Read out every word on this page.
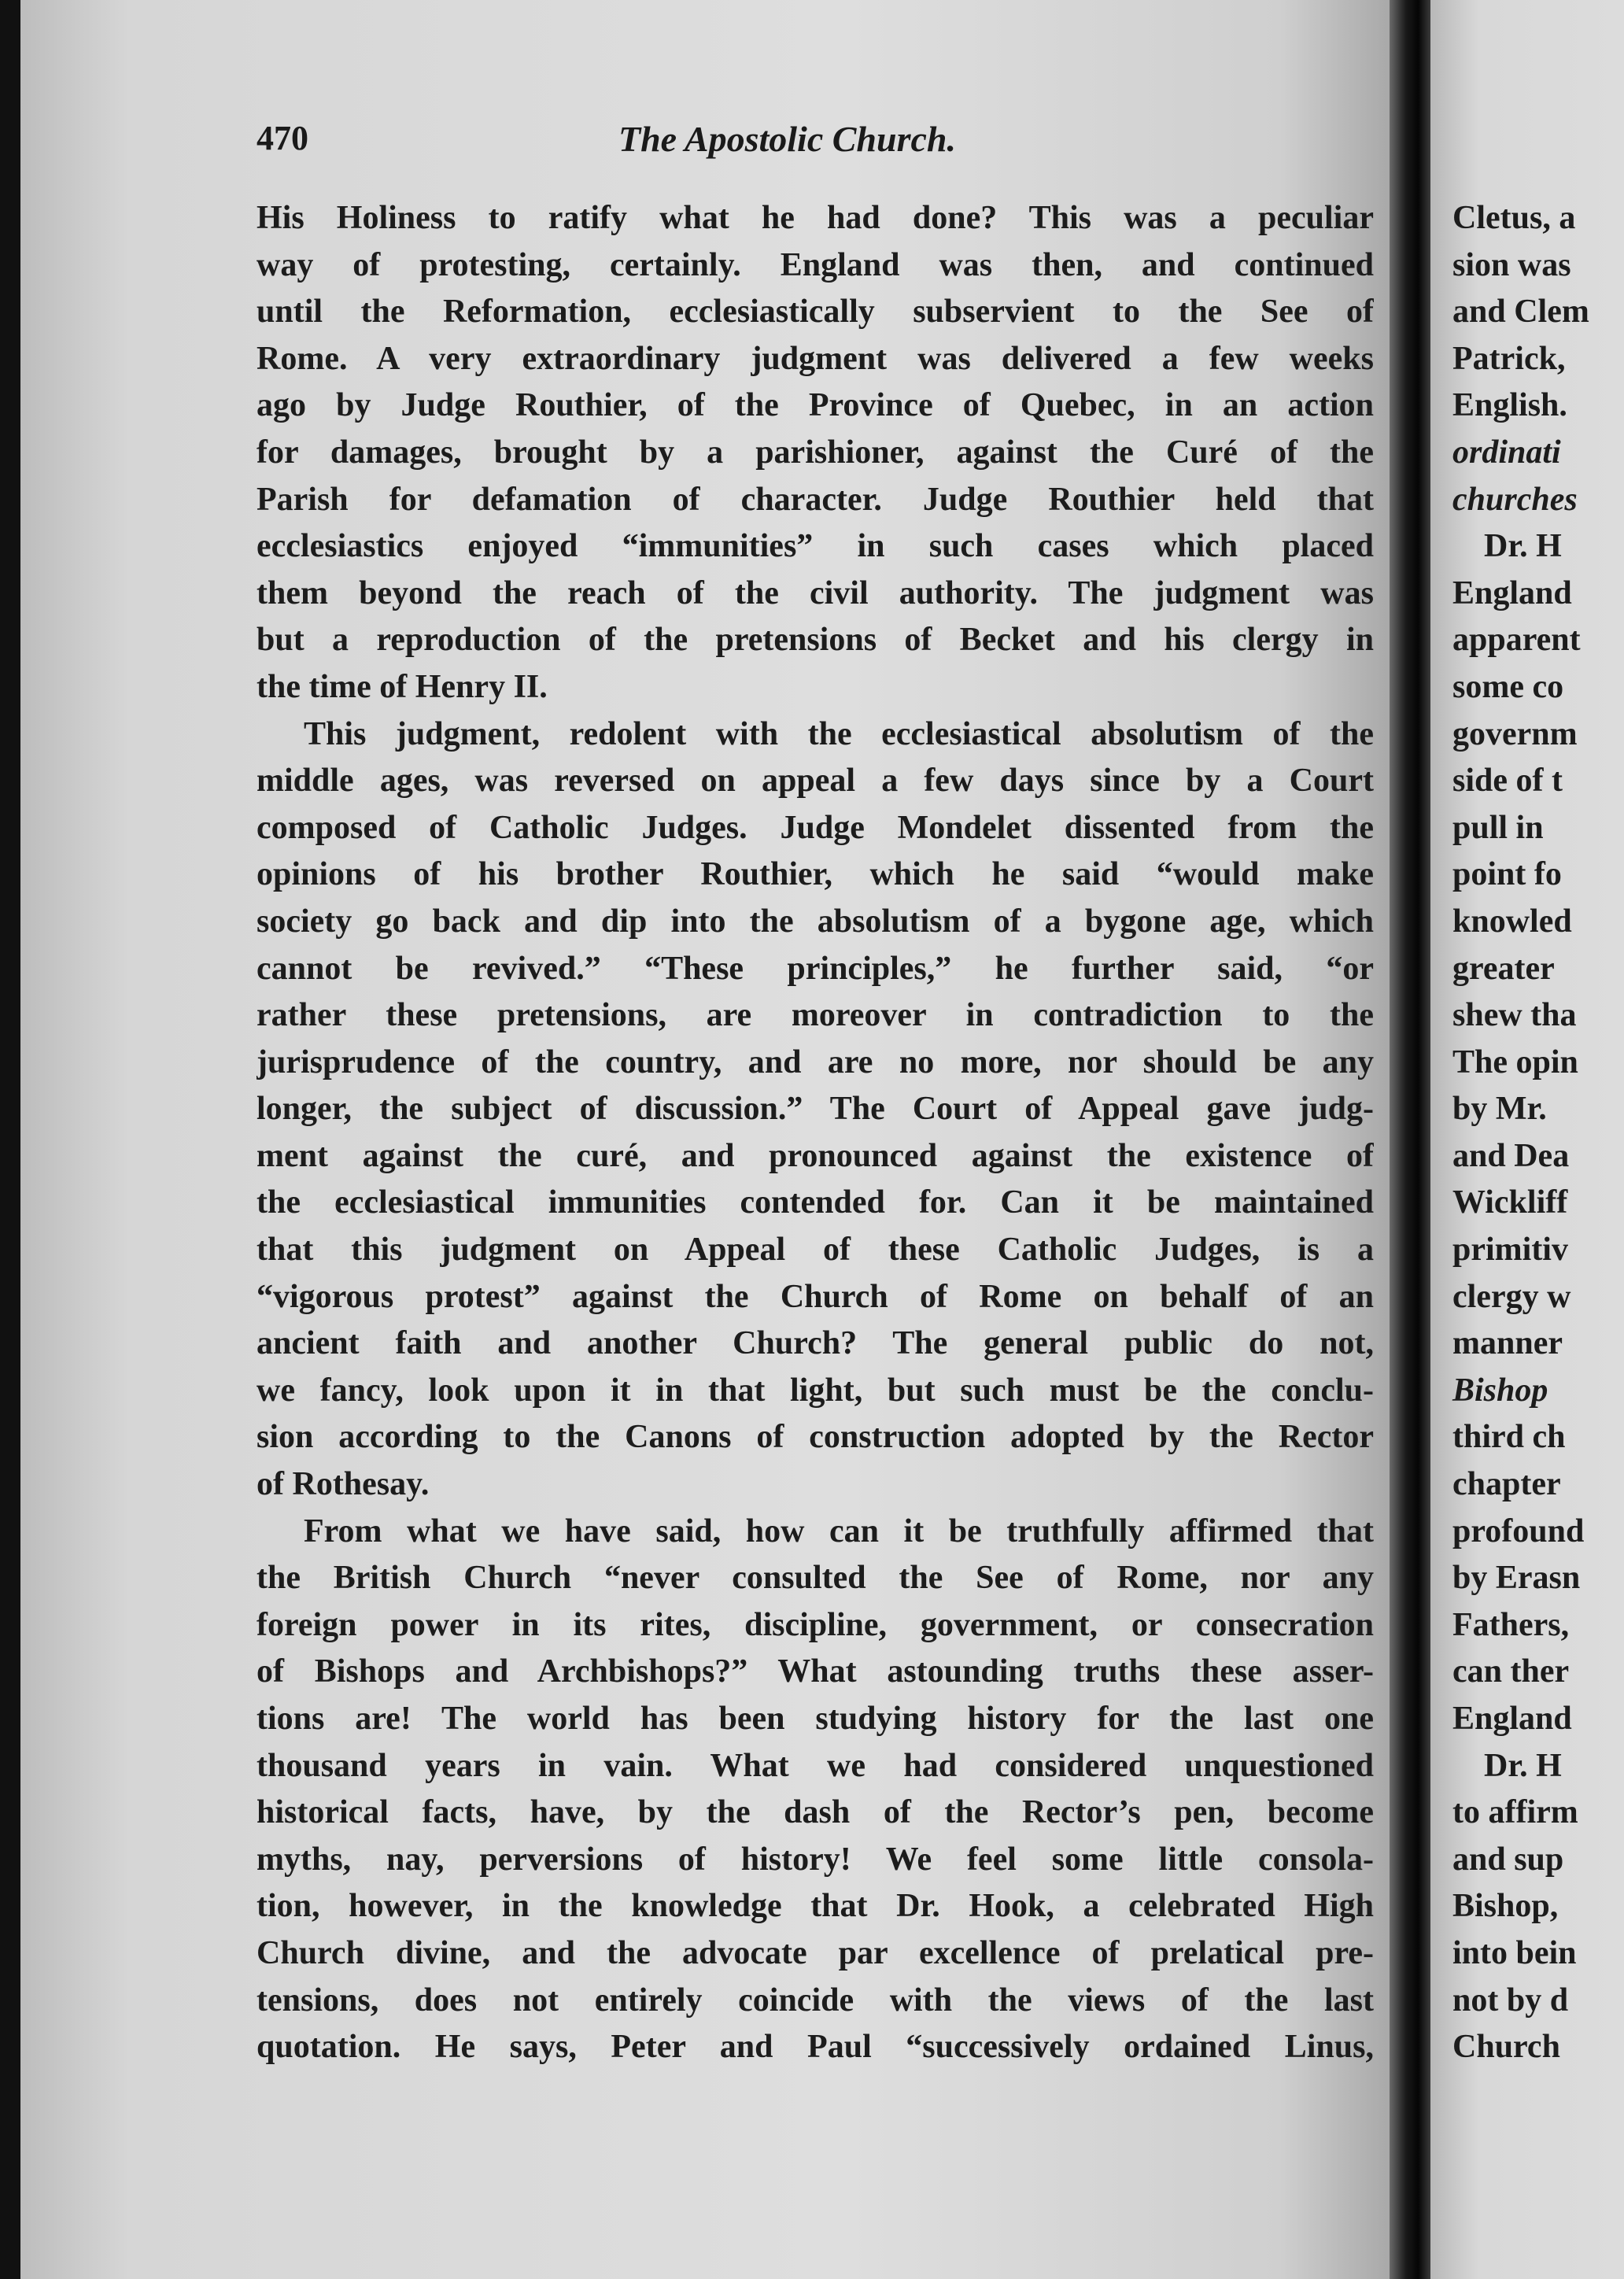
470	The Apostolic Church.
His Holiness to ratify what he had done? This was a peculiar
way of protesting, certainly. England was then, and continued
until the Reformation, ecclesiastically subservient to the See of
Rome. A very extraordinary judgment was delivered a few weeks
ago by Judge Routhier, of the Province of Quebec, in an action
for damages, brought by a parishioner, against the Curé of the
Parish for defamation of character. Judge Routhier held that
ecclesiastics enjoyed “immunities” in such cases which placed
them beyond the reach of the civil authority. The judgment was
but a reproduction of the pretensions of Becket and his clergy in
the time of Henry II.
This judgment, redolent with the ecclesiastical absolutism of the
middle ages, was reversed on appeal a few days since by a Court
composed of Catholic Judges. Judge Mondelet dissented from the
opinions of his brother Routhier, which he said “would make
society go back and dip into the absolutism of a bygone age, which
cannot be revived.” “These principles,” he further said, “or
rather these pretensions, are moreover in contradiction to the
jurisprudence of the country, and are no more, nor should be any
longer, the subject of discussion.” The Court of Appeal gave judg-
ment against the curé, and pronounced against the existence of
the ecclesiastical immunities contended for. Can it be maintained
that this judgment on Appeal of these Catholic Judges, is a
“vigorous protest” against the Church of Rome on behalf of an
ancient faith and another Church? The general public do not,
we fancy, look upon it in that light, but such must be the conclu-
sion according to the Canons of construction adopted by the Rector
of Rothesay.
From what we have said, how can it be truthfully affirmed that
the British Church “never consulted the See of Rome, nor any
foreign power in its rites, discipline, government, or consecration
of Bishops and Archbishops?” What astounding truths these asser-
tions are! The world has been studying history for the last one
thousand years in vain. What we had considered unquestioned
historical facts, have, by the dash of the Rector’s pen, become
myths, nay, perversions of history! We feel some little consola-
tion, however, in the knowledge that Dr. Hook, a celebrated High
Church divine, and the advocate par excellence of prelatical pre-
tensions, does not entirely coincide with the views of the last
quotation. He says, Peter and Paul “successively ordained Linus,
Cletus, a
sion was
and Clem
Patrick,
English.
ordinati
churches
Dr. H
England
apparent
some co
governm
side of t
pull in
point fo
knowled
greater
shew tha
The opin
by Mr.
and Dea
Wickliff
primitiv
clergy w
manner
Bishop
third ch
chapter
profound
by Erasn
Fathers,
can ther
England
Dr. H
to affirm
and sup
Bishop,
into bein
not by d
Church
